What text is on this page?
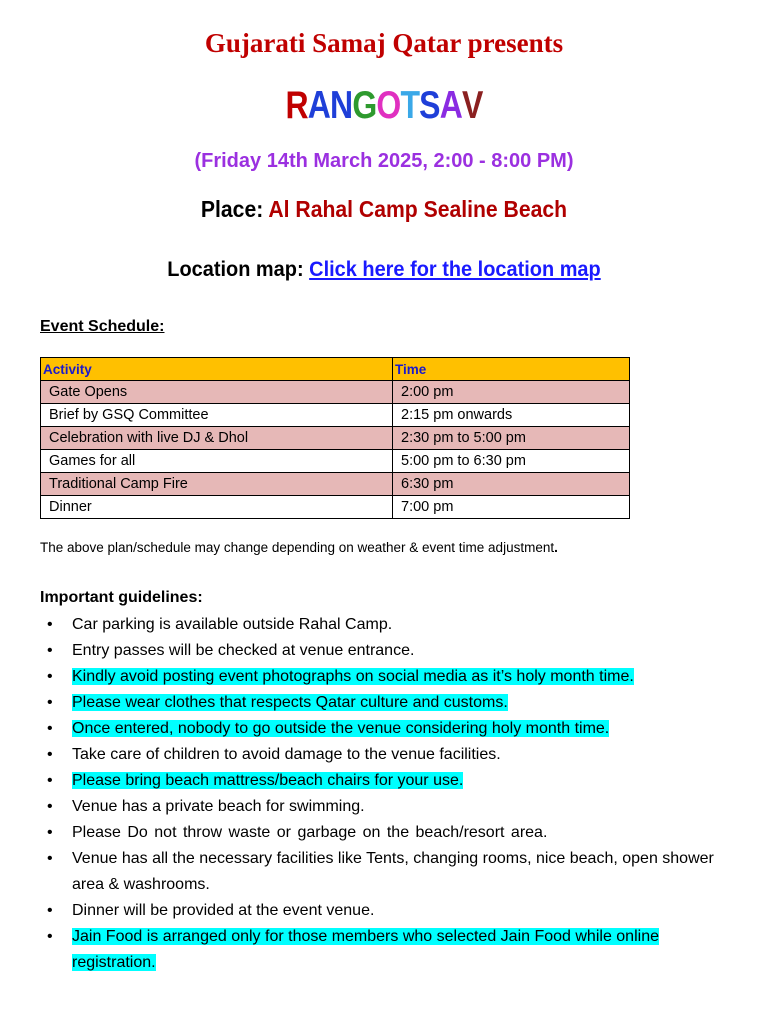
Gujarati Samaj Qatar presents
RANGOTSAV
(Friday 14th March 2025, 2:00 - 8:00 PM)
Place: Al Rahal Camp Sealine Beach
Location map: Click here for the location map
Event Schedule:
Activity	Time
Gate Opens	2:00 pm
Brief by GSQ Committee	2:15 pm onwards
Celebration with live DJ & Dhol	2:30 pm to 5:00 pm
Games for all	5:00 pm to 6:30 pm
Traditional Camp Fire	6:30 pm
Dinner	7:00 pm
The above plan/schedule may change depending on weather & event time adjustment.
Important guidelines:
• Car parking is available outside Rahal Camp.
• Entry passes will be checked at venue entrance.
• Kindly avoid posting event photographs on social media as it’s holy month time.
• Please wear clothes that respects Qatar culture and customs.
• Once entered, nobody to go outside the venue considering holy month time.
• Take care of children to avoid damage to the venue facilities.
• Please bring beach mattress/beach chairs for your use.
• Venue has a private beach for swimming.
• Please Do not throw waste or garbage on the beach/resort area.
• Venue has all the necessary facilities like Tents, changing rooms, nice beach, open shower area & washrooms.
• Dinner will be provided at the event venue.
• Jain Food is arranged only for those members who selected Jain Food while online registration.
